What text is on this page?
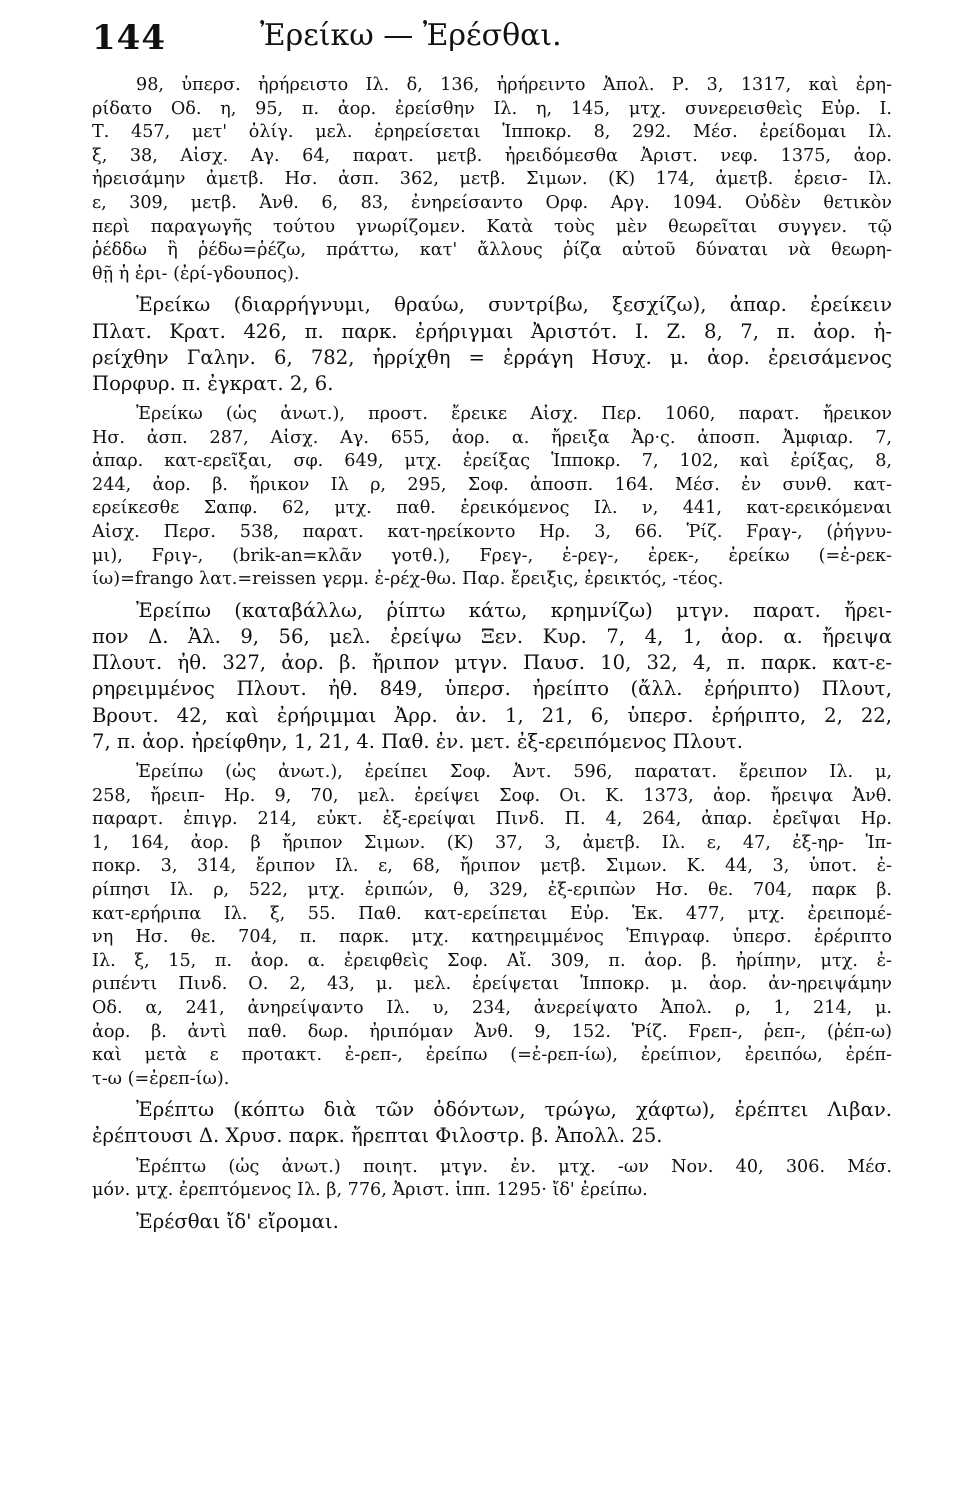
144	Ἐρείκω — Ἐρέσθαι.
98, ὑπερσ. ἠρήρειστο Ιλ. δ, 136, ἠρήρειντο Ἀπολ. Ρ. 3, 1317, καὶ ἐρη-
ρίδατο Οδ. η, 95, π. ἀορ. ἐρείσθην Ιλ. η, 145, μτχ. συνερεισθεὶς Εὐρ. Ι.
Τ. 457, μετ' ὀλίγ. μελ. ἐρηρείσεται Ἱπποκρ. 8, 292. Μέσ. ἐρείδομαι Ιλ.
ξ, 38, Αἰσχ. Αγ. 64, παρατ. μετβ. ἠρειδόμεσθα Ἀριστ. νεφ. 1375, ἀορ.
ἠρεισάμην ἀμετβ. Ησ. ἀσπ. 362, μετβ. Σιμων. (Κ) 174, ἀμετβ. ἐρεισ- Ιλ.
ε, 309, μετβ. Ἀνθ. 6, 83, ἐνηρείσαντο Ορφ. Αργ. 1094. Οὐδὲν θετικὸν
περὶ παραγωγῆς τούτου γνωρίζομεν. Κατὰ τοὺς μὲν θεωρεῖται συγγεν. τῷ
ῥέδδω ἢ ῥέδω=ῥέζω, πράττω, κατ' ἄλλους ῥίζα αὐτοῦ δύναται νὰ θεωρη-
θῇ ἡ ἐρι- (ἐρί-γδουπος).
Ἐρείκω (διαρρήγνυμι, θραύω, συντρίβω, ξεσχίζω), ἀπαρ. ἐρείκειν
Πλατ. Κρατ. 426, π. παρκ. ἐρήριγμαι Ἀριστότ. Ι. Ζ. 8, 7, π. ἀορ. ἠ-
ρείχθην Γαλην. 6, 782, ἠρρίχθη = ἐρράγη Ησυχ. μ. ἀορ. ἐρεισάμενος
Πορφυρ. π. ἐγκρατ. 2, 6.
Ἐρείκω (ὡς ἀνωτ.), προστ. ἔρεικε Αἰσχ. Περ. 1060, παρατ. ἤρεικον
Ησ. ἀσπ. 287, Αἰσχ. Αγ. 655, ἀορ. α. ἤρειξα Ἀρ·ς. ἀποσπ. Ἀμφιαρ. 7,
ἀπαρ. κατ-ερεῖξαι, σφ. 649, μτχ. ἐρείξας Ἱπποκρ. 7, 102, καὶ ἐρίξας, 8,
244, ἀορ. β. ἤρικον Ιλ ρ, 295, Σοφ. ἀποσπ. 164. Μέσ. ἐν συνθ. κατ-
ερείκεσθε Σαπφ. 62, μτχ. παθ. ἐρεικόμενος Ιλ. ν, 441, κατ-ερεικόμεναι
Αἰσχ. Περσ. 538, παρατ. κατ-ηρείκοντο Ηρ. 3, 66. Ῥίζ. Fραγ-, (ῥήγνυ-
μι), Fριγ-, (brik-an=κλᾶν γοτθ.), Fρεγ-, ἐ-ρεγ-, ἐρεκ-, ἐρείκω (=ἐ-ρεκ-
ίω)=frango λατ.=reissen γερμ. ἐ-ρέχ-θω. Παρ. ἔρειξις, ἐρεικτός, -τέος.
Ἐρείπω (καταβάλλω, ῥίπτω κάτω, κρημνίζω) μτγν. παρατ. ἤρει-
πον Δ. Ἁλ. 9, 56, μελ. ἐρείψω Ξεν. Κυρ. 7, 4, 1, ἀορ. α. ἤρειψα
Πλουτ. ἠθ. 327, ἀορ. β. ἤριπον μτγν. Παυσ. 10, 32, 4, π. παρκ. κατ-ε-
ρηρειμμένος Πλουτ. ἠθ. 849, ὑπερσ. ἠρείπτο (ἄλλ. ἐρήριπτο) Πλουτ,
Βρουτ. 42, καὶ ἐρήριμμαι Ἀρρ. ἀν. 1, 21, 6, ὑπερσ. ἐρήριπτο, 2, 22,
7, π. ἀορ. ἠρείφθην, 1, 21, 4. Παθ. ἐν. μετ. ἐξ-ερειπόμενος Πλουτ.
Ἐρείπω (ὡς ἀνωτ.), ἐρείπει Σοφ. Ἀντ. 596, παρατατ. ἔρειπον Ιλ. μ,
258, ἤρειπ- Ηρ. 9, 70, μελ. ἐρείψει Σοφ. Οι. Κ. 1373, ἀορ. ἤρειψα Ἀνθ.
παραρτ. ἐπιγρ. 214, εὐκτ. ἐξ-ερείψαι Πινδ. Π. 4, 264, ἀπαρ. ἐρεῖψαι Ηρ.
1, 164, ἀορ. β ἤριπον Σιμων. (Κ) 37, 3, ἀμετβ. Ιλ. ε, 47, ἐξ-ηρ- Ἱπ-
ποκρ. 3, 314, ἔριπον Ιλ. ε, 68, ἤριπον μετβ. Σιμων. Κ. 44, 3, ὑποτ. ἐ-
ρίπησι Ιλ. ρ, 522, μτχ. ἐριπών, θ, 329, ἐξ-εριπὼν Ησ. θε. 704, παρκ β.
κατ-ερήριπα Ιλ. ξ, 55. Παθ. κατ-ερείπεται Εὐρ. Ἑκ. 477, μτχ. ἐρειπομέ-
νη Ησ. θε. 704, π. παρκ. μτχ. κατηρειμμένος Ἐπιγραφ. ὑπερσ. ἐρέριπτο
Ιλ. ξ, 15, π. ἀορ. α. ἐρειφθεὶς Σοφ. Αἴ. 309, π. ἀορ. β. ἠρίπην, μτχ. ἐ-
ριπέντι Πινδ. Ο. 2, 43, μ. μελ. ἐρείψεται Ἱπποκρ. μ. ἀορ. ἀν-ηρειψάμην
Οδ. α, 241, ἀνηρείψαντο Ιλ. υ, 234, ἀνερείψατο Ἀπολ. ρ, 1, 214, μ.
ἀορ. β. ἀντὶ παθ. δωρ. ἠριπόμαν Ἀνθ. 9, 152. Ῥίζ. Fρεπ-, ῥεπ-, (ῥέπ-ω)
καὶ μετὰ ε προτακτ. ἐ-ρεπ-, ἐρείπω (=ἐ-ρεπ-ίω), ἐρείπιον, ἐρειπόω, ἐρέπ-
τ-ω (=ἐρεπ-ίω).
Ἐρέπτω (κόπτω διὰ τῶν ὀδόντων, τρώγω, χάφτω), ἐρέπτει Λιβαν.
ἐρέπτουσι Δ. Χρυσ. παρκ. ἤρεπται Φιλοστρ. β. Ἀπολλ. 25.
Ἐρέπτω (ὡς ἀνωτ.) ποιητ. μτγν. ἐν. μτχ. -ων Νον. 40, 306. Μέσ.
μόν. μτχ. ἐρεπτόμενος Ιλ. β, 776, Ἀριστ. ἱππ. 1295· ἴδ' ἐρείπω.
Ἐρέσθαι ἴδ' εἴρομαι.
